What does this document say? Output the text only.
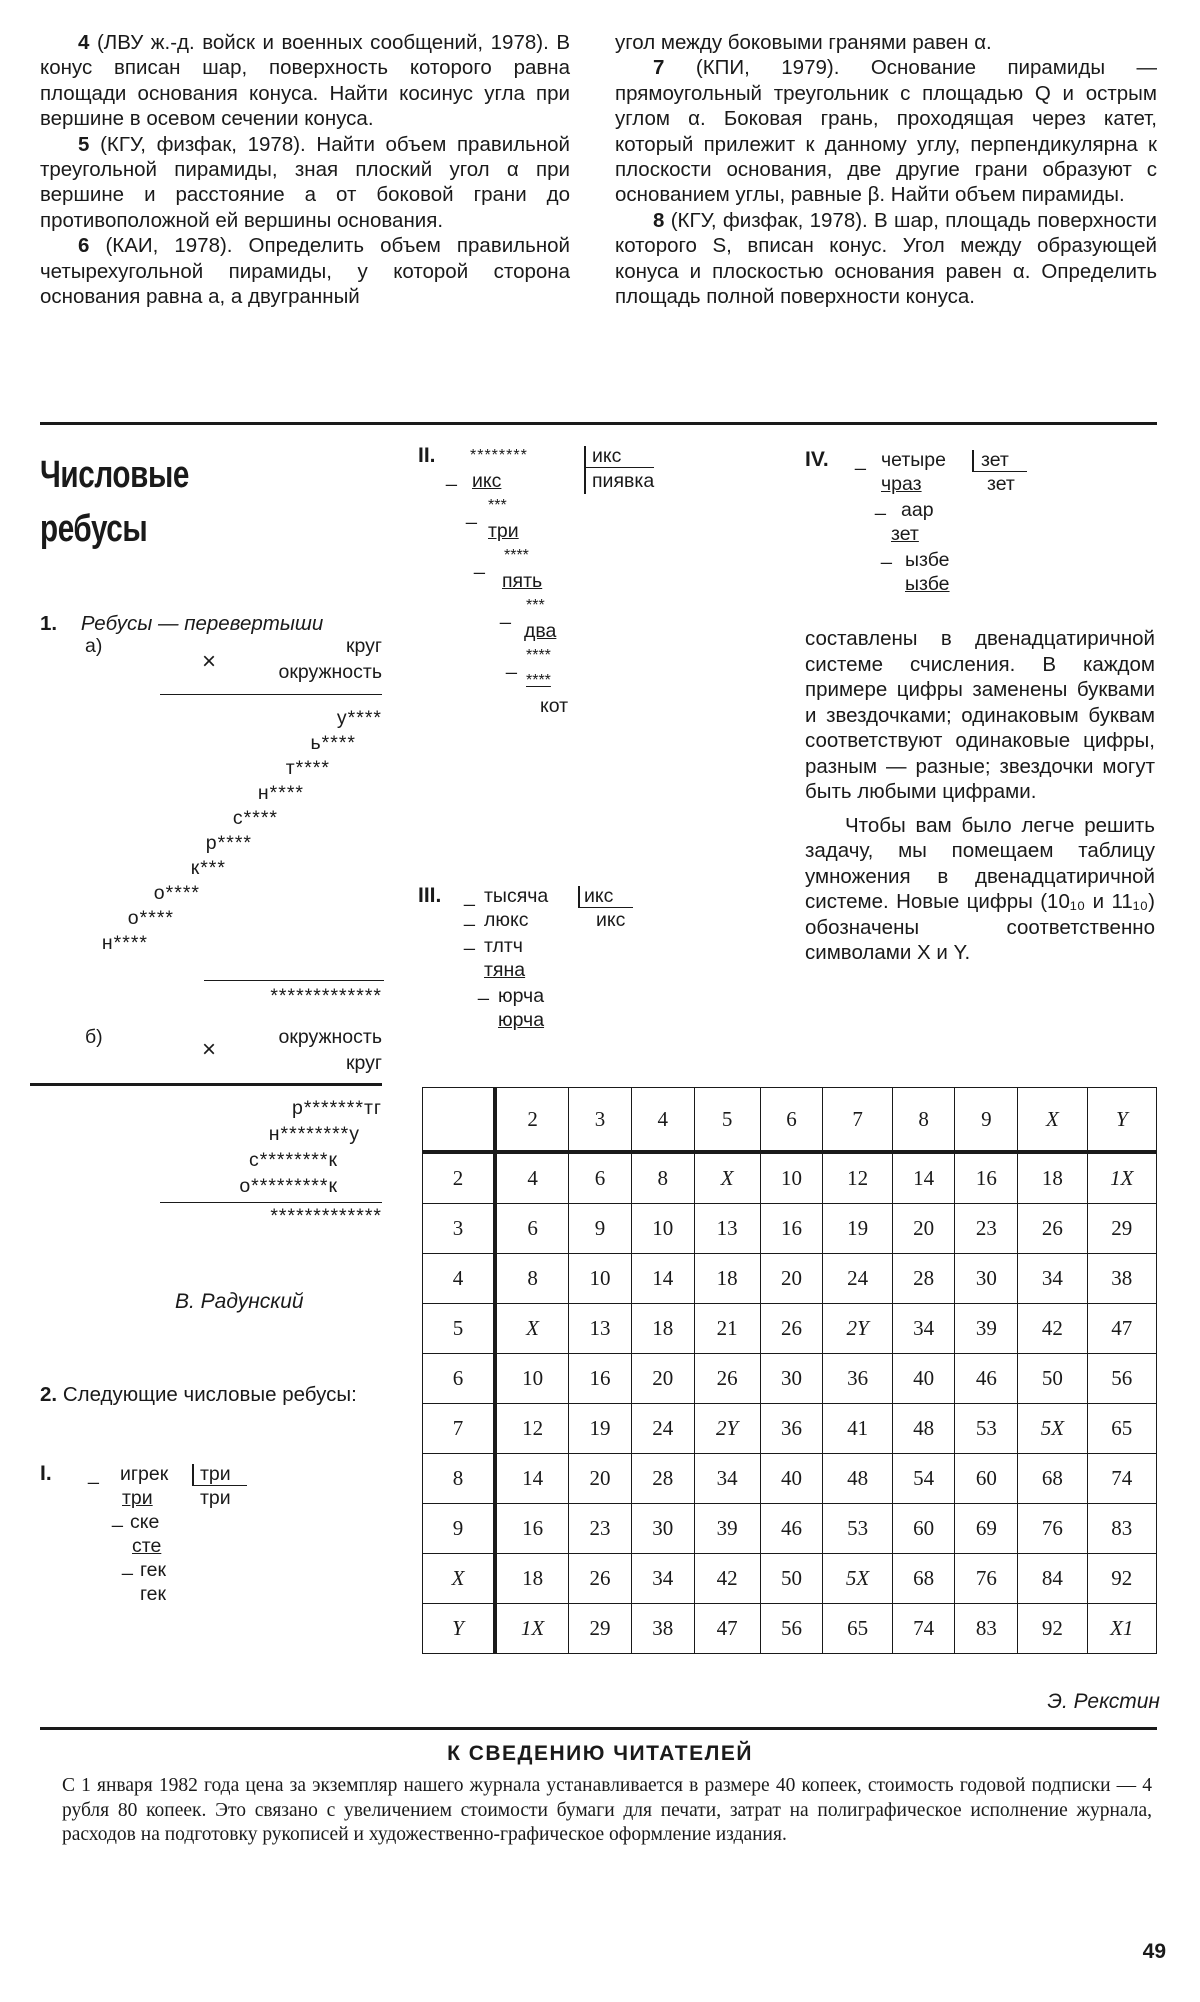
4 (ЛВУ ж.-д. войск и военных сообщений, 1978). В конус вписан шар, поверхность которого равна площади основания конуса. Найти косинус угла при вершине в осевом сечении конуса.

5 (КГУ, физфак, 1978). Найти объем правильной треугольной пирамиды, зная плоский угол α при вершине и расстояние a от боковой грани до противоположной ей вершины основания.

6 (КАИ, 1978). Определить объем правильной четырехугольной пирамиды, у которой сторона основания равна a, а двугранный

угол между боковыми гранями равен α.

7 (КПИ, 1979). Основание пирамиды — прямоугольный треугольник с площадью Q и острым углом α. Боковая грань, проходящая через катет, который прилежит к данному углу, перпендикулярна к плоскости основания, две другие грани образуют с основанием углы, равные β. Найти объем пирамиды.

8 (КГУ, физфак, 1978). В шар, площадь поверхности которого S, вписан конус. Угол между образующей конуса и плоскостью основания равен α. Определить площадь полной поверхности конуса.

Числовые
ребусы
1. Ребусы — перевертыши
а)
×
круг
окружность
у****
ь****
т****
н****
с****
р****
к***
о****
о****
н****
*************
б)	×	окружность
круг
р*******тг
н********у
с********к
о*********к
*************
В. Радунский
2. Следующие числовые ребусы:
I. _ игрек три
три
три
_ ске
сте
_ гек
гек
II. ********	икс
пиявка
_ икс
***
_
три
****
_
пять
***
_
два
****
_
****
кот
III. _ тысяча икс
икс
_ люкс
_ тлтч
тяна
_ юрча
юрча
IV. _ четыре зет
зет
чраз
_ аар
зет
_ ызбе
ызбе

составлены в двенадцатиричной системе счисления. В каждом примере цифры заменены буквами и звездочками; одинаковым буквам соответствуют одинаковые цифры, разным — разные; звездочки могут быть любыми цифрами.

Чтобы вам было легче решить задачу, мы помещаем таблицу умножения в двенадцатиричной системе. Новые цифры (10₁₀ и 11₁₀) обозначены соответственно символами X и Y.

	2	3	4	5	6	7	8	9	X	Y
2	4	6	8	X	10	12	14	16	18	1X
3	6	9	10	13	16	19	20	23	26	29
4	8	10	14	18	20	24	28	30	34	38
5	X	13	18	21	26	2Y	34	39	42	47
6	10	16	20	26	30	36	40	46	50	56
7	12	19	24	2Y	36	41	48	53	5X	65
8	14	20	28	34	40	48	54	60	68	74
9	16	23	30	39	46	53	60	69	76	83
X	18	26	34	42	50	5X	68	76	84	92
Y	1X	29	38	47	56	65	74	83	92	X1
Э. Рекстин
К СВЕДЕНИЮ ЧИТАТЕЛЕЙ

С 1 января 1982 года цена за экземпляр нашего журнала устанавливается в размере 40 копеек, стоимость годовой подписки — 4 рубля 80 копеек. Это связано с увеличением стоимости бумаги для печати, затрат на полиграфическое исполнение журнала, расходов на подготовку рукописей и художественно-графическое оформление издания.

49
